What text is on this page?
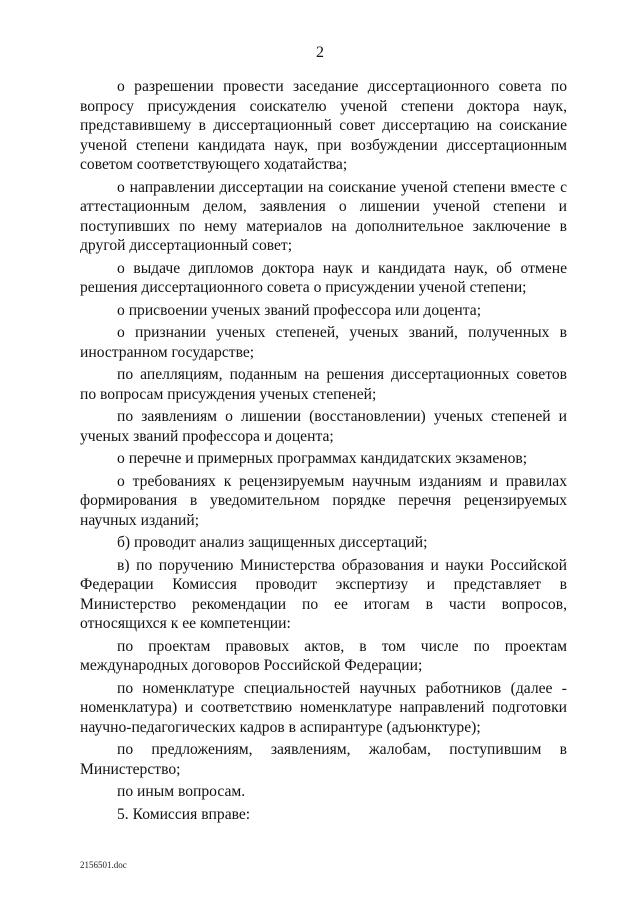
2

о разрешении провести заседание диссертационного совета по вопросу присуждения соискателю ученой степени доктора наук, представившему в диссертационный совет диссертацию на соискание ученой степени кандидата наук, при возбуждении диссертационным советом соответствующего ходатайства;

о направлении диссертации на соискание ученой степени вместе с аттестационным делом, заявления о лишении ученой степени и поступивших по нему материалов на дополнительное заключение в другой диссертационный совет;

о выдаче дипломов доктора наук и кандидата наук, об отмене решения диссертационного совета о присуждении ученой степени;

о присвоении ученых званий профессора или доцента;

о признании ученых степеней, ученых званий, полученных в иностранном государстве;

по апелляциям, поданным на решения диссертационных советов по вопросам присуждения ученых степеней;

по заявлениям о лишении (восстановлении) ученых степеней и ученых званий профессора и доцента;

о перечне и примерных программах кандидатских экзаменов;

о требованиях к рецензируемым научным изданиям и правилах формирования в уведомительном порядке перечня рецензируемых научных изданий;

б) проводит анализ защищенных диссертаций;

в) по поручению Министерства образования и науки Российской Федерации Комиссия проводит экспертизу и представляет в Министерство рекомендации по ее итогам в части вопросов, относящихся к ее компетенции:

по проектам правовых актов, в том числе по проектам международных договоров Российской Федерации;

по номенклатуре специальностей научных работников (далее - номенклатура) и соответствию номенклатуре направлений подготовки научно-педагогических кадров в аспирантуре (адъюнктуре);

по предложениям, заявлениям, жалобам, поступившим в Министерство;

по иным вопросам.

5. Комиссия вправе:

2156501.doc
